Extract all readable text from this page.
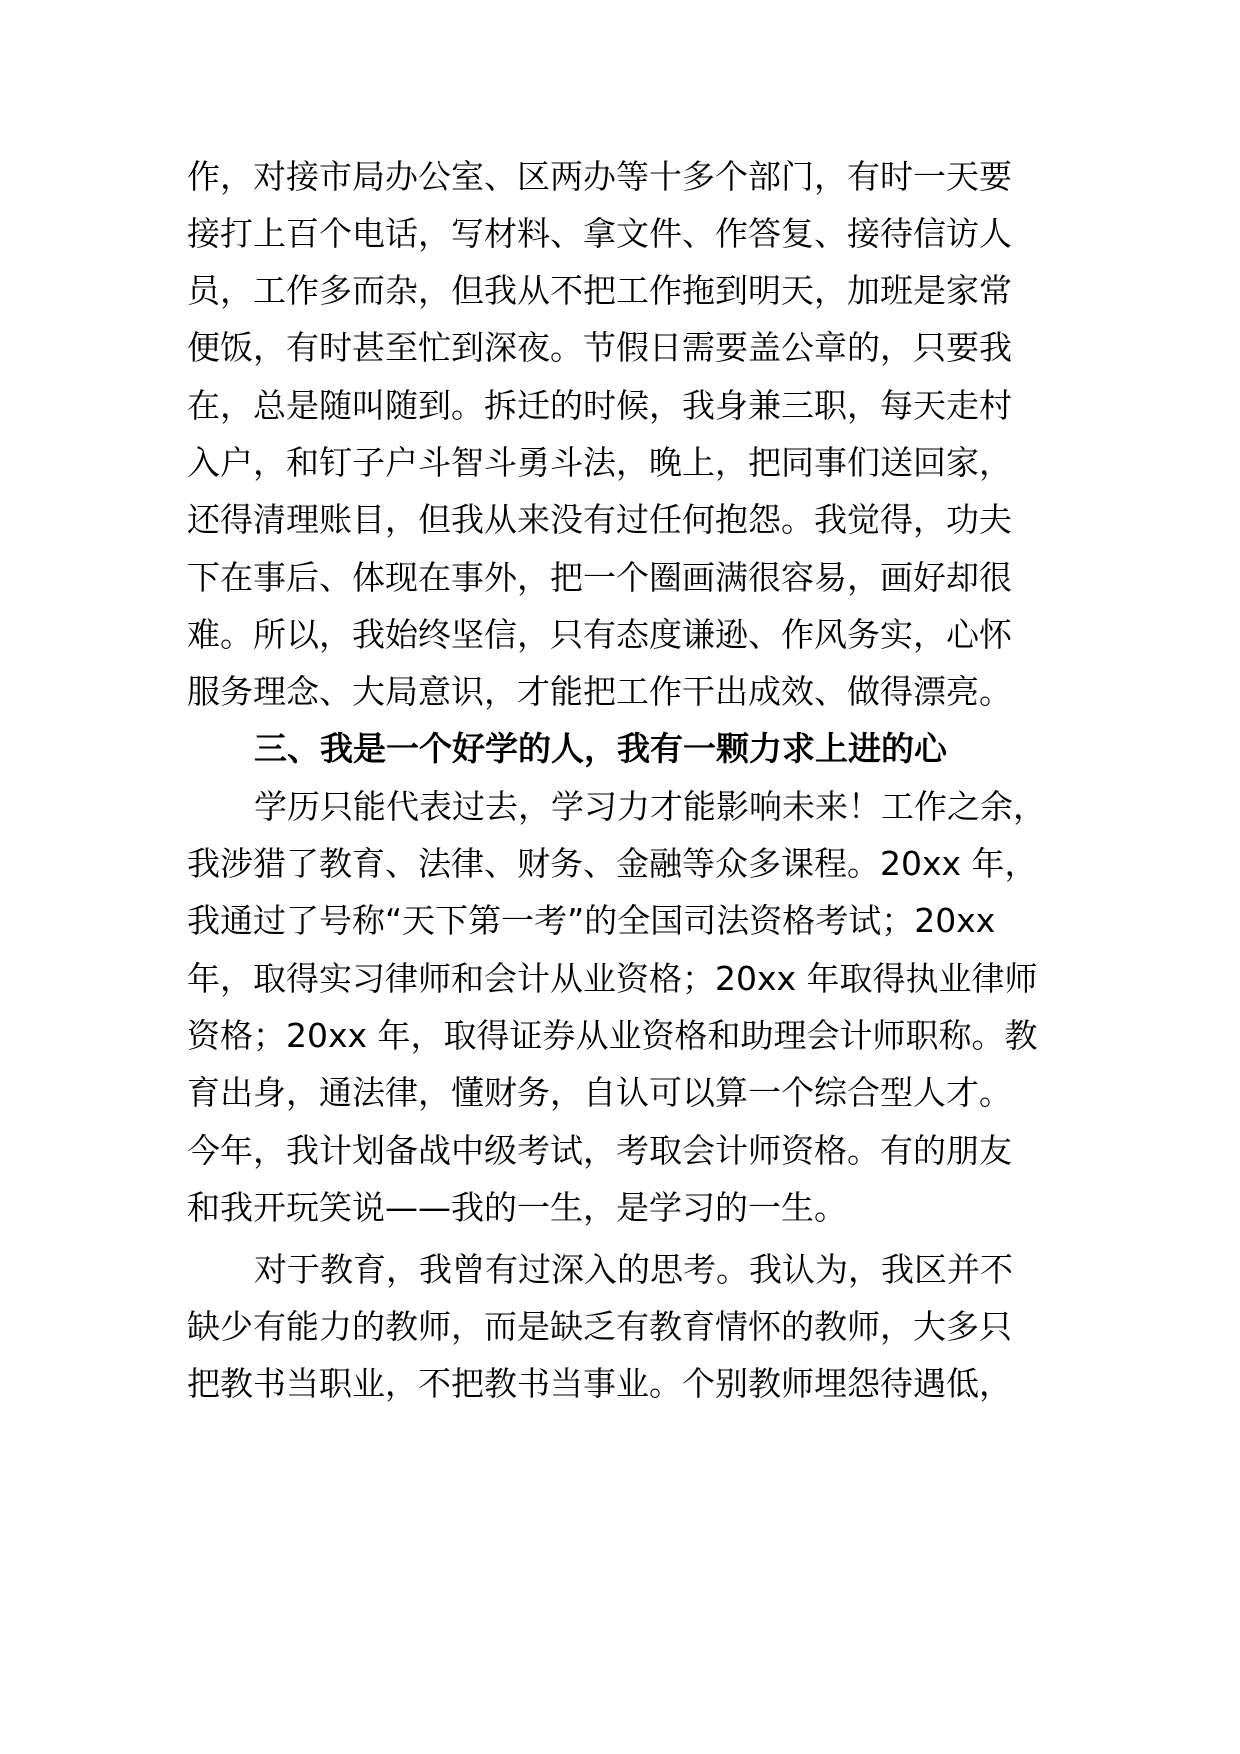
作，对接市局办公室、区两办等十多个部门，有时一天要
接打上百个电话，写材料、拿文件、作答复、接待信访人
员，工作多而杂，但我从不把工作拖到明天，加班是家常
便饭，有时甚至忙到深夜。节假日需要盖公章的，只要我
在，总是随叫随到。拆迁的时候，我身兼三职，每天走村
入户，和钉子户斗智斗勇斗法，晚上，把同事们送回家，
还得清理账目，但我从来没有过任何抱怨。我觉得，功夫
下在事后、体现在事外，把一个圈画满很容易，画好却很
难。所以，我始终坚信，只有态度谦逊、作风务实，心怀
服务理念、大局意识，才能把工作干出成效、做得漂亮。
三、我是一个好学的人，我有一颗力求上进的心
学历只能代表过去，学习力才能影响未来！工作之余，
我涉猎了教育、法律、财务、金融等众多课程。20xx 年，
我通过了号称“天下第一考”的全国司法资格考试；20xx
年，取得实习律师和会计从业资格；20xx 年取得执业律师
资格；20xx 年，取得证券从业资格和助理会计师职称。教
育出身，通法律，懂财务，自认可以算一个综合型人才。
今年，我计划备战中级考试，考取会计师资格。有的朋友
和我开玩笑说——我的一生，是学习的一生。
对于教育，我曾有过深入的思考。我认为，我区并不
缺少有能力的教师，而是缺乏有教育情怀的教师，大多只
把教书当职业，不把教书当事业。个别教师埋怨待遇低，
